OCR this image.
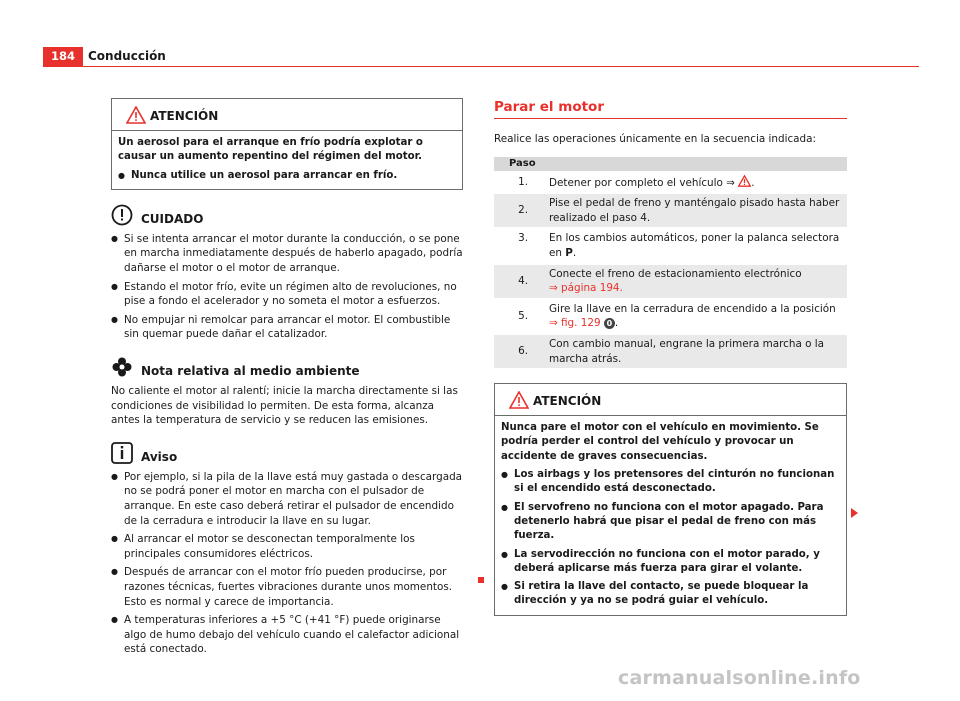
184	Conducción
ATENCIÓN

Un aerosol para el arranque en frío podría explotar o causar un aumento repentino del régimen del motor.

● Nunca utilice un aerosol para arrancar en frío.

CUIDADO

● Si se intenta arrancar el motor durante la conducción, o se pone en marcha inmediatamente después de haberlo apagado, podría dañarse el motor o el motor de arranque.

● Estando el motor frío, evite un régimen alto de revoluciones, no pise a fondo el acelerador y no someta el motor a esfuerzos.

● No empujar ni remolcar para arrancar el motor. El combustible sin quemar puede dañar el catalizador.

Nota relativa al medio ambiente

No caliente el motor al ralentí; inicie la marcha directamente si las condiciones de visibilidad lo permiten. De esta forma, alcanza antes la temperatura de servicio y se reducen las emisiones.

Aviso

● Por ejemplo, si la pila de la llave está muy gastada o descargada no se podrá poner el motor en marcha con el pulsador de arranque. En este caso deberá retirar el pulsador de encendido de la cerradura e introducir la llave en su lugar.

● Al arrancar el motor se desconectan temporalmente los principales consumidores eléctricos.

● Después de arrancar con el motor frío pueden producirse, por razones técnicas, fuertes vibraciones durante unos momentos. Esto es normal y carece de importancia.

● A temperaturas inferiores a +5 °C (+41 °F) puede originarse algo de humo debajo del vehículo cuando el calefactor adicional está conectado.

Parar el motor

Realice las operaciones únicamente en la secuencia indicada:

Paso	
1.	Detener por completo el vehículo ⇒ .
2.	Pise el pedal de freno y manténgalo pisado hasta haber realizado el paso 4.
3.	En los cambios automáticos, poner la palanca selectora en P.
4.	Conecte el freno de estacionamiento electrónico
⇒ página 194.

5.	Gire la llave en la cerradura de encendido a la posición
⇒ fig. 129 0 .

6.	Con cambio manual, engrane la primera marcha o la marcha atrás.
ATENCIÓN

Nunca pare el motor con el vehículo en movimiento. Se podría perder el control del vehículo y provocar un accidente de graves consecuencias.

● Los airbags y los pretensores del cinturón no funcionan si el encendido está desconectado.

● El servofreno no funciona con el motor apagado. Para detenerlo habrá que pisar el pedal de freno con más fuerza.

● La servodirección no funciona con el motor parado, y deberá aplicarse más fuerza para girar el volante.

● Si retira la llave del contacto, se puede bloquear la dirección y ya no se podrá guiar el vehículo.

carmanualsonline.info
